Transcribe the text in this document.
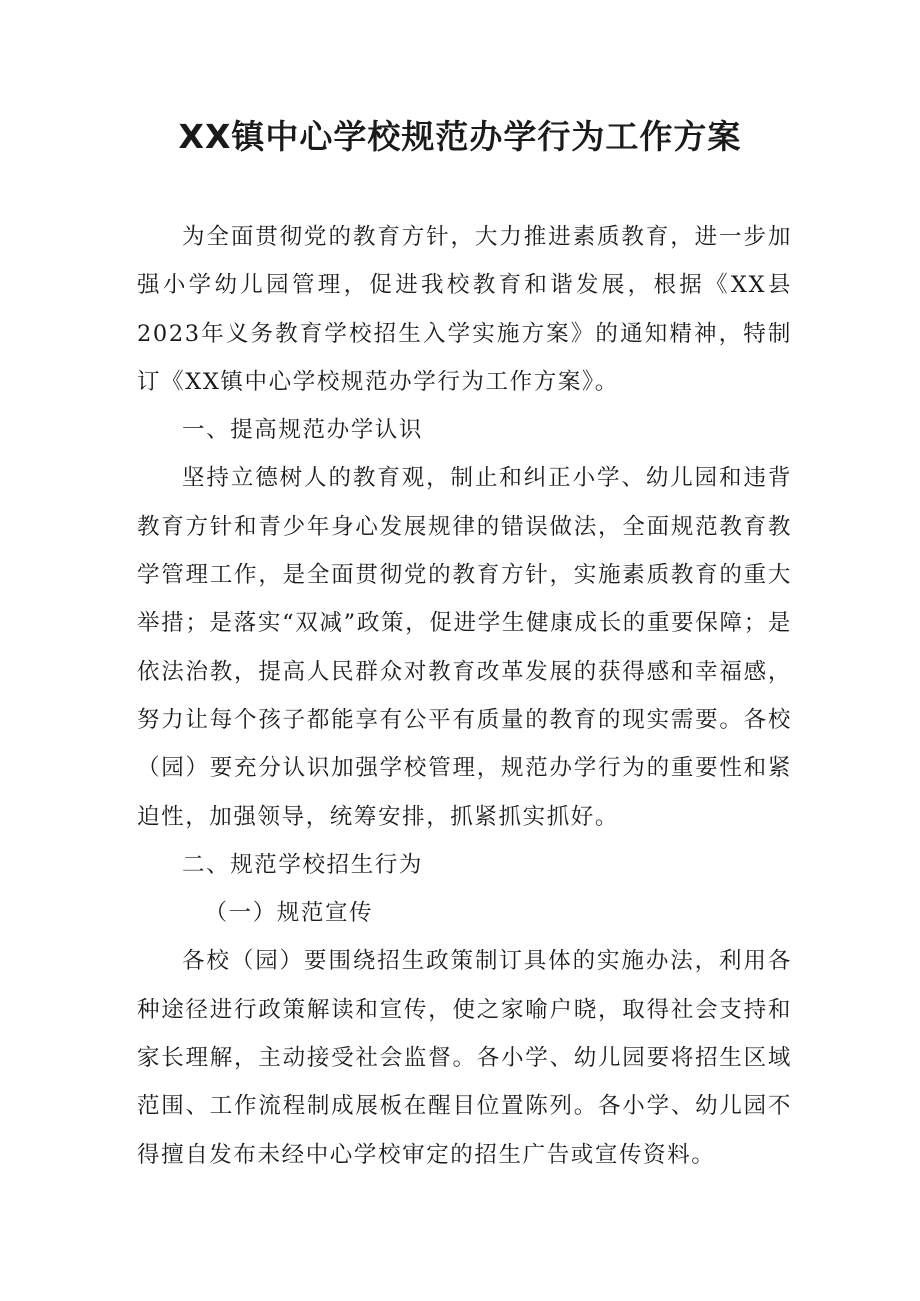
XX镇中心学校规范办学行为工作方案

为全面贯彻党的教育方针，大力推进素质教育，进一步加强小学幼儿园管理，促进我校教育和谐发展，根据《XX县2023年义务教育学校招生入学实施方案》的通知精神，特制订《XX镇中心学校规范办学行为工作方案》。

一、提高规范办学认识

坚持立德树人的教育观，制止和纠正小学、幼儿园和违背教育方针和青少年身心发展规律的错误做法，全面规范教育教学管理工作，是全面贯彻党的教育方针，实施素质教育的重大举措；是落实“双减”政策，促进学生健康成长的重要保障；是依法治教，提高人民群众对教育改革发展的获得感和幸福感，努力让每个孩子都能享有公平有质量的教育的现实需要。各校（园）要充分认识加强学校管理，规范办学行为的重要性和紧迫性，加强领导，统筹安排，抓紧抓实抓好。

二、规范学校招生行为

（一）规范宣传

各校（园）要围绕招生政策制订具体的实施办法，利用各种途径进行政策解读和宣传，使之家喻户晓，取得社会支持和家长理解，主动接受社会监督。各小学、幼儿园要将招生区域范围、工作流程制成展板在醒目位置陈列。各小学、幼儿园不得擅自发布未经中心学校审定的招生广告或宣传资料。
